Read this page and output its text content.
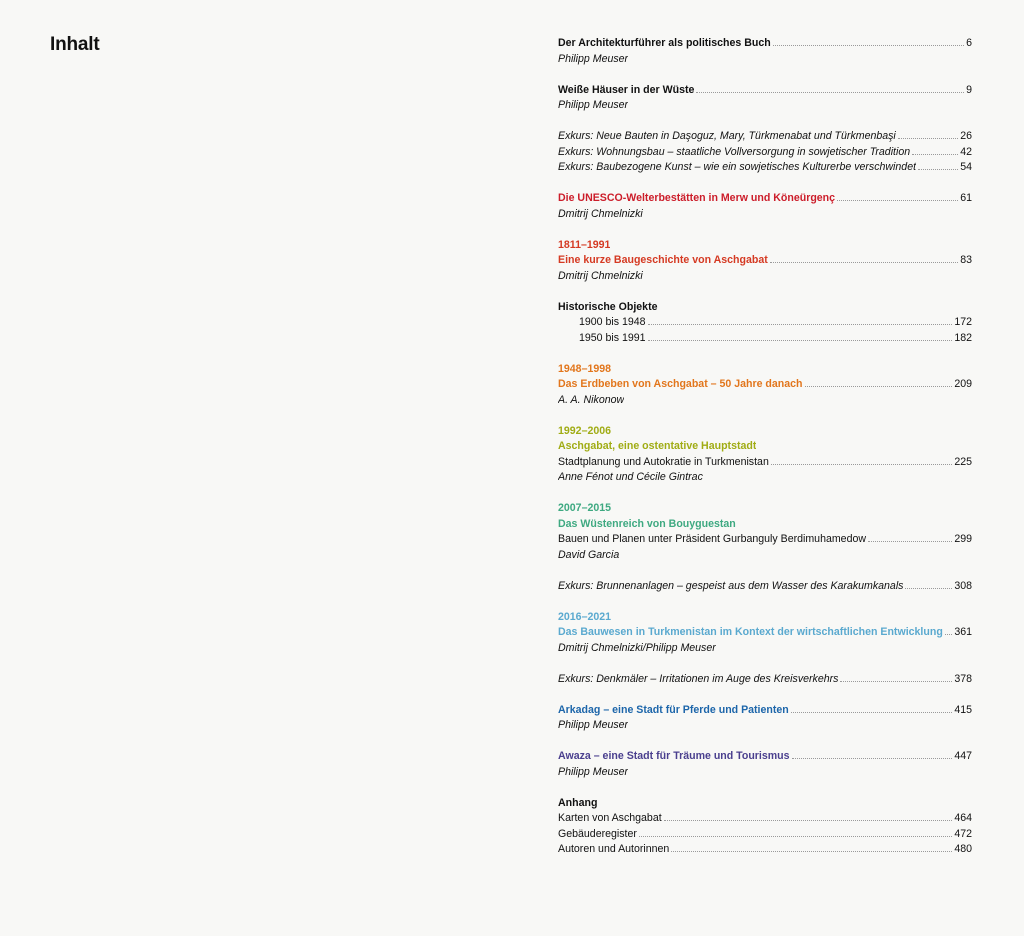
Inhalt	Der Architekturführer als politisches Buch	6
Philipp Meuser
Weiße Häuser in der Wüste	9
Philipp Meuser
Exkurs: Neue Bauten in Daşoguz, Mary, Türkmenabat und Türkmenbaşi	26
Exkurs: Wohnungsbau – staatliche Vollversorgung in sowjetischer Tradition	42
Exkurs: Baubezogene Kunst – wie ein sowjetisches Kulturerbe verschwindet	54
Die UNESCO-Welterbestätten in Merw und Köneürgenç	61
Dmitrij Chmelnizki
1811–1991
Eine kurze Baugeschichte von Aschgabat	83
Dmitrij Chmelnizki
Historische Objekte
1900 bis 1948	172
1950 bis 1991	182
1948–1998
Das Erdbeben von Aschgabat – 50 Jahre danach	209
A. A. Nikonow
1992–2006
Aschgabat, eine ostentative Hauptstadt
Stadtplanung und Autokratie in Turkmenistan	225
Anne Fénot und Cécile Gintrac
2007–2015
Das Wüstenreich von Bouyguestan
Bauen und Planen unter Präsident Gurbanguly Berdimuhamedow	299
David Garcia
Exkurs: Brunnenanlagen – gespeist aus dem Wasser des Karakumkanals	308
2016–2021
Das Bauwesen in Turkmenistan im Kontext der wirtschaftlichen Entwicklung 361
Dmitrij Chmelnizki/Philipp Meuser
Exkurs: Denkmäler – Irritationen im Auge des Kreisverkehrs	378
Arkadag – eine Stadt für Pferde und Patienten	415
Philipp Meuser
Awaza – eine Stadt für Träume und Tourismus	447
Philipp Meuser
Anhang
Karten von Aschgabat	464
Gebäuderegister	472
Autoren und Autorinnen	480
